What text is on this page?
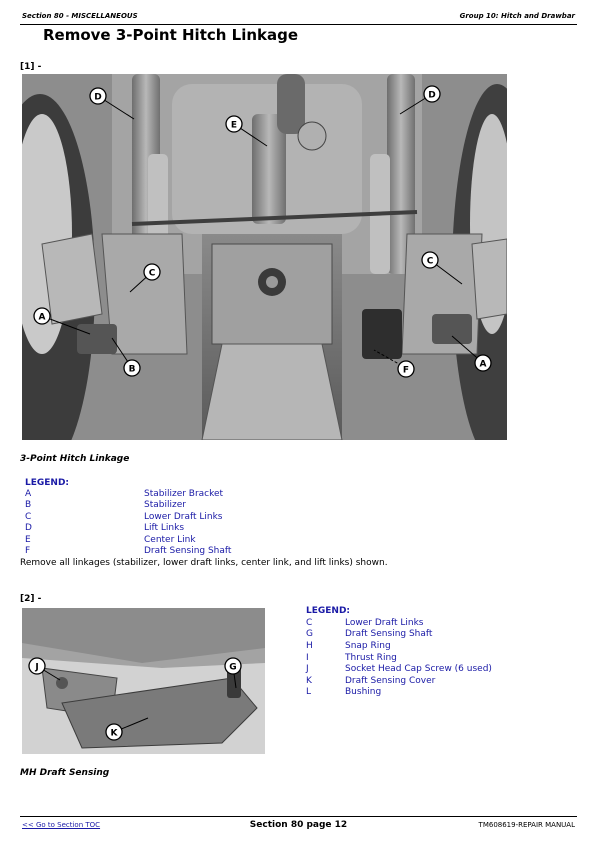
Section 80 - MISCELLANEOUS	Group 10: Hitch and Drawbar
Remove 3-Point Hitch Linkage
[1] -
D
E
D
C
C
A
B	F
A
3-Point Hitch Linkage
LEGEND:
A	Stabilizer Bracket
B	Stabilizer
C	Lower Draft Links
D	Lift Links
E	Center Link
F	Draft Sensing Shaft
Remove all linkages (stabilizer, lower draft links, center link, and lift links) shown.
[2] -
J	G
K
LEGEND:
C	Lower Draft Links
G	Draft Sensing Shaft
H	Snap Ring
I	Thrust Ring
J	Socket Head Cap Screw (6 used)
K	Draft Sensing Cover
L	Bushing
MH Draft Sensing
<< Go to Section TOC	Section 80 page 12	TM608619-REPAIR MANUAL
